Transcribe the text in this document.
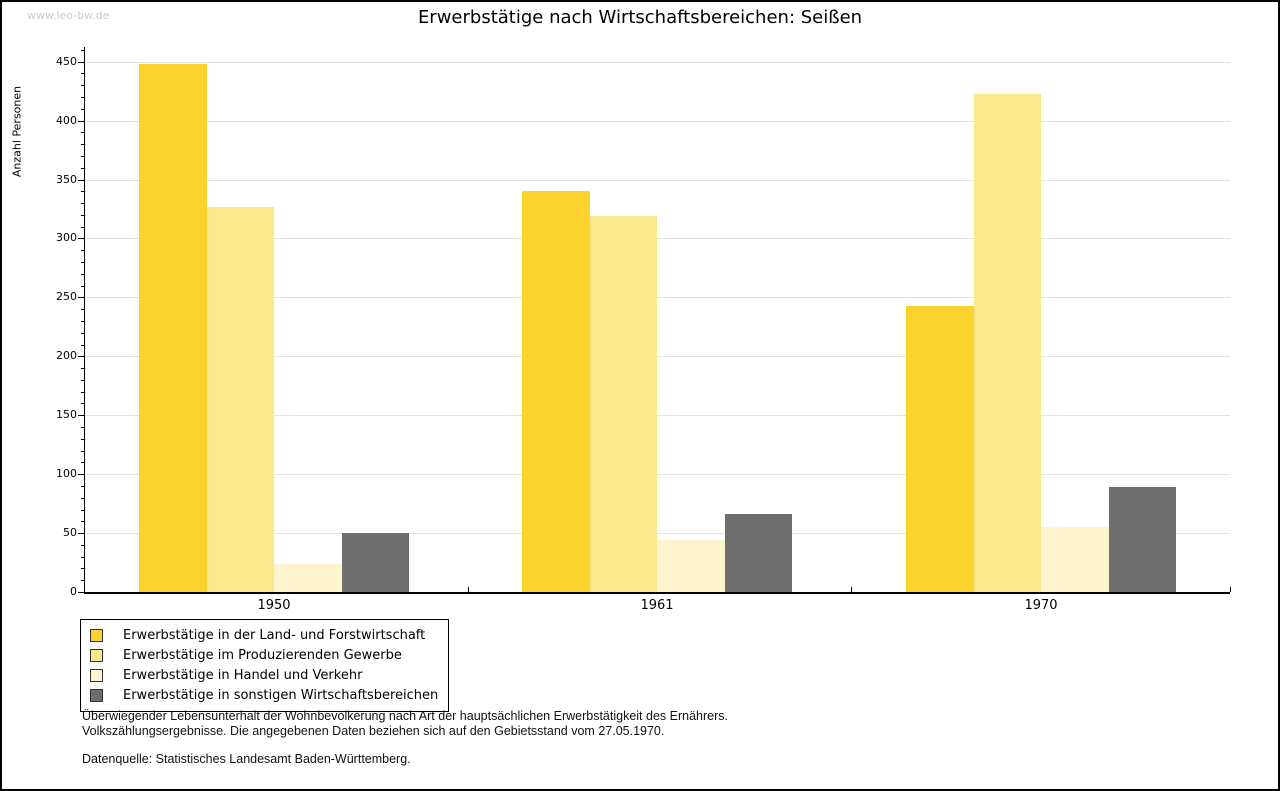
www.leo-bw.de	Erwerbstätige nach Wirtschaftsbereichen: Seißen
Anzahl Personen
0
50
100
150
200
250
300
350
400
450
1950	1961	1970
Erwerbstätige in der Land- und Forstwirtschaft
Erwerbstätige im Produzierenden Gewerbe
Erwerbstätige in Handel und Verkehr
Erwerbstätige in sonstigen Wirtschaftsbereichen
Überwiegender Lebensunterhalt der Wohnbevölkerung nach Art der hauptsächlichen Erwerbstätigkeit des Ernährers.
Volkszählungsergebnisse. Die angegebenen Daten beziehen sich auf den Gebietsstand vom 27.05.1970.
Datenquelle: Statistisches Landesamt Baden-Württemberg.
